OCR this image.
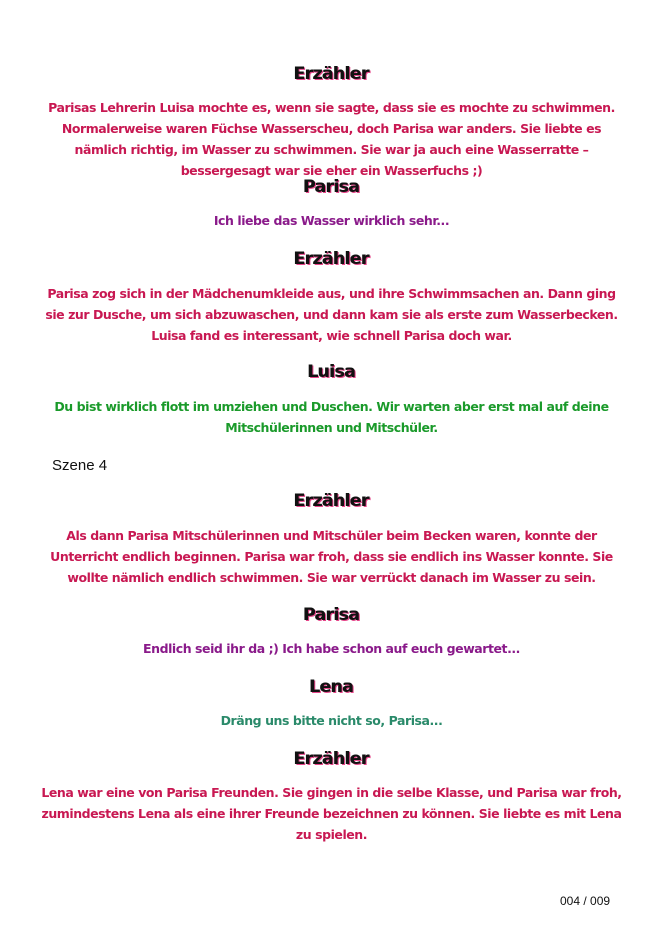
Erzähler

Parisas Lehrerin Luisa mochte es, wenn sie sagte, dass sie es mochte zu schwimmen. Normalerweise waren Füchse Wasserscheu, doch Parisa war anders. Sie liebte es nämlich richtig, im Wasser zu schwimmen. Sie war ja auch eine Wasserratte – bessergesagt war sie eher ein Wasserfuchs ;)

Parisa

Ich liebe das Wasser wirklich sehr...

Erzähler

Parisa zog sich in der Mädchenumkleide aus, und ihre Schwimmsachen an. Dann ging sie zur Dusche, um sich abzuwaschen, und dann kam sie als erste zum Wasserbecken. Luisa fand es interessant, wie schnell Parisa doch war.

Luisa

Du bist wirklich flott im umziehen und Duschen. Wir warten aber erst mal auf deine Mitschülerinnen und Mitschüler.

Szene 4

Erzähler

Als dann Parisa Mitschülerinnen und Mitschüler beim Becken waren, konnte der Unterricht endlich beginnen. Parisa war froh, dass sie endlich ins Wasser konnte. Sie wollte nämlich endlich schwimmen. Sie war verrückt danach im Wasser zu sein.

Parisa

Endlich seid ihr da ;) Ich habe schon auf euch gewartet...

Lena

Dräng uns bitte nicht so, Parisa...

Erzähler

Lena war eine von Parisa Freunden. Sie gingen in die selbe Klasse, und Parisa war froh, zumindestens Lena als eine ihrer Freunde bezeichnen zu können. Sie liebte es mit Lena zu spielen.

004 / 009
